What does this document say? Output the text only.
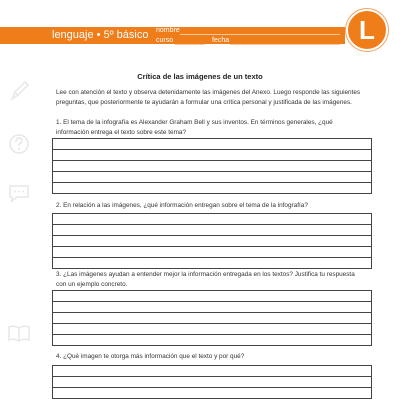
lenguaje • 5º básico nombre
curso	fecha	L
Crítica de las imágenes de un texto
Lee con atención el texto y observa detenidamente las imágenes del Anexo. Luego responde las siguientes preguntas, que posteriormente te ayudarán a formular una crítica personal y justificada de las imágenes.
1. El tema de la infografía es Alexander Graham Bell y sus inventos. En términos generales, ¿qué información entrega el texto sobre este tema?
2. En relación a las imágenes, ¿qué información entregan sobre el tema de la infografía?
3. ¿Las imágenes ayudan a entender mejor la información entregada en los textos? Justifica tu respuesta con un ejemplo concreto.
4. ¿Qué imagen te otorga más información que el texto y por qué?
